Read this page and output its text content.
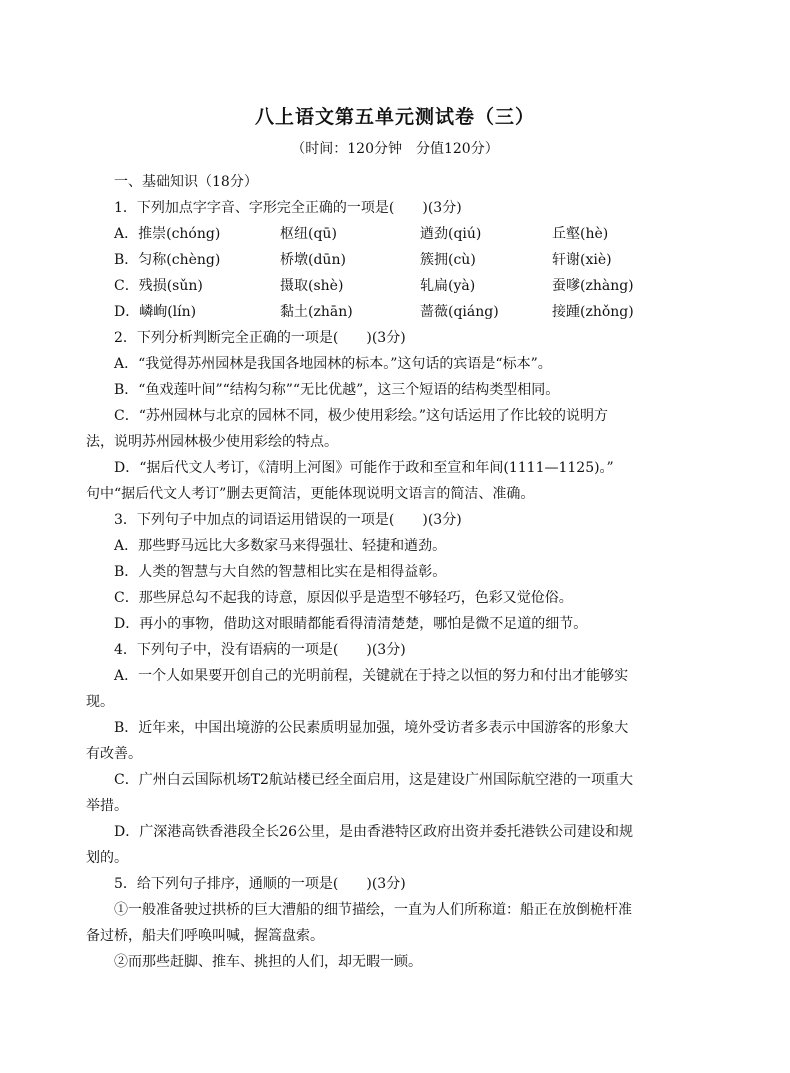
八上语文第五单元测试卷（三）
（时间：120分钟　分值120分）
一、基础知识（18分）
1．下列加点字字音、字形完全正确的一项是(　　)(3分)
A．推崇(chóng)	枢纽(qū)	遒劲(qiú)	丘壑(hè)
B．匀称(chèng)	桥墩(dūn)	簇拥(cù)	轩谢(xiè)
C．残损(sǔn)	摄取(shè)	轧扁(yà)	蚕嗲(zhàng)
D．嶙峋(lín)	黏土(zhān)	蔷薇(qiáng)	接踵(zhǒng)
2．下列分析判断完全正确的一项是(　　)(3分)
A．“我觉得苏州园林是我国各地园林的标本。”这句话的宾语是“标本”。
B．“鱼戏莲叶间”“结构匀称”“无比优越”，这三个短语的结构类型相同。
C．“苏州园林与北京的园林不同，极少使用彩绘。”这句话运用了作比较的说明方
法，说明苏州园林极少使用彩绘的特点。
D．“据后代文人考订，《清明上河图》可能作于政和至宣和年间(1111—1125)。”
句中“据后代文人考订”删去更简洁，更能体现说明文语言的简洁、准确。
3．下列句子中加点的词语运用错误的一项是(　　)(3分)
A．那些野马远比大多数家马来得强壮、轻捷和遒劲。
B．人类的智慧与大自然的智慧相比实在是相得益彰。
C．那些屏总勾不起我的诗意，原因似乎是造型不够轻巧，色彩又觉伧俗。
D．再小的事物，借助这对眼睛都能看得清清楚楚，哪怕是微不足道的细节。
4．下列句子中，没有语病的一项是(　　)(3分)
A．一个人如果要开创自己的光明前程，关键就在于持之以恒的努力和付出才能够实
现。
B．近年来，中国出境游的公民素质明显加强，境外受访者多表示中国游客的形象大
有改善。
C．广州白云国际机场T2航站楼已经全面启用，这是建设广州国际航空港的一项重大
举措。
D．广深港高铁香港段全长26公里，是由香港特区政府出资并委托港铁公司建设和规
划的。
5．给下列句子排序，通顺的一项是(　　)(3分)
①一般准备驶过拱桥的巨大漕船的细节描绘，一直为人们所称道：船正在放倒桅杆准
备过桥，船夫们呼唤叫喊，握篙盘索。
②而那些赶脚、推车、挑担的人们，却无暇一顾。
